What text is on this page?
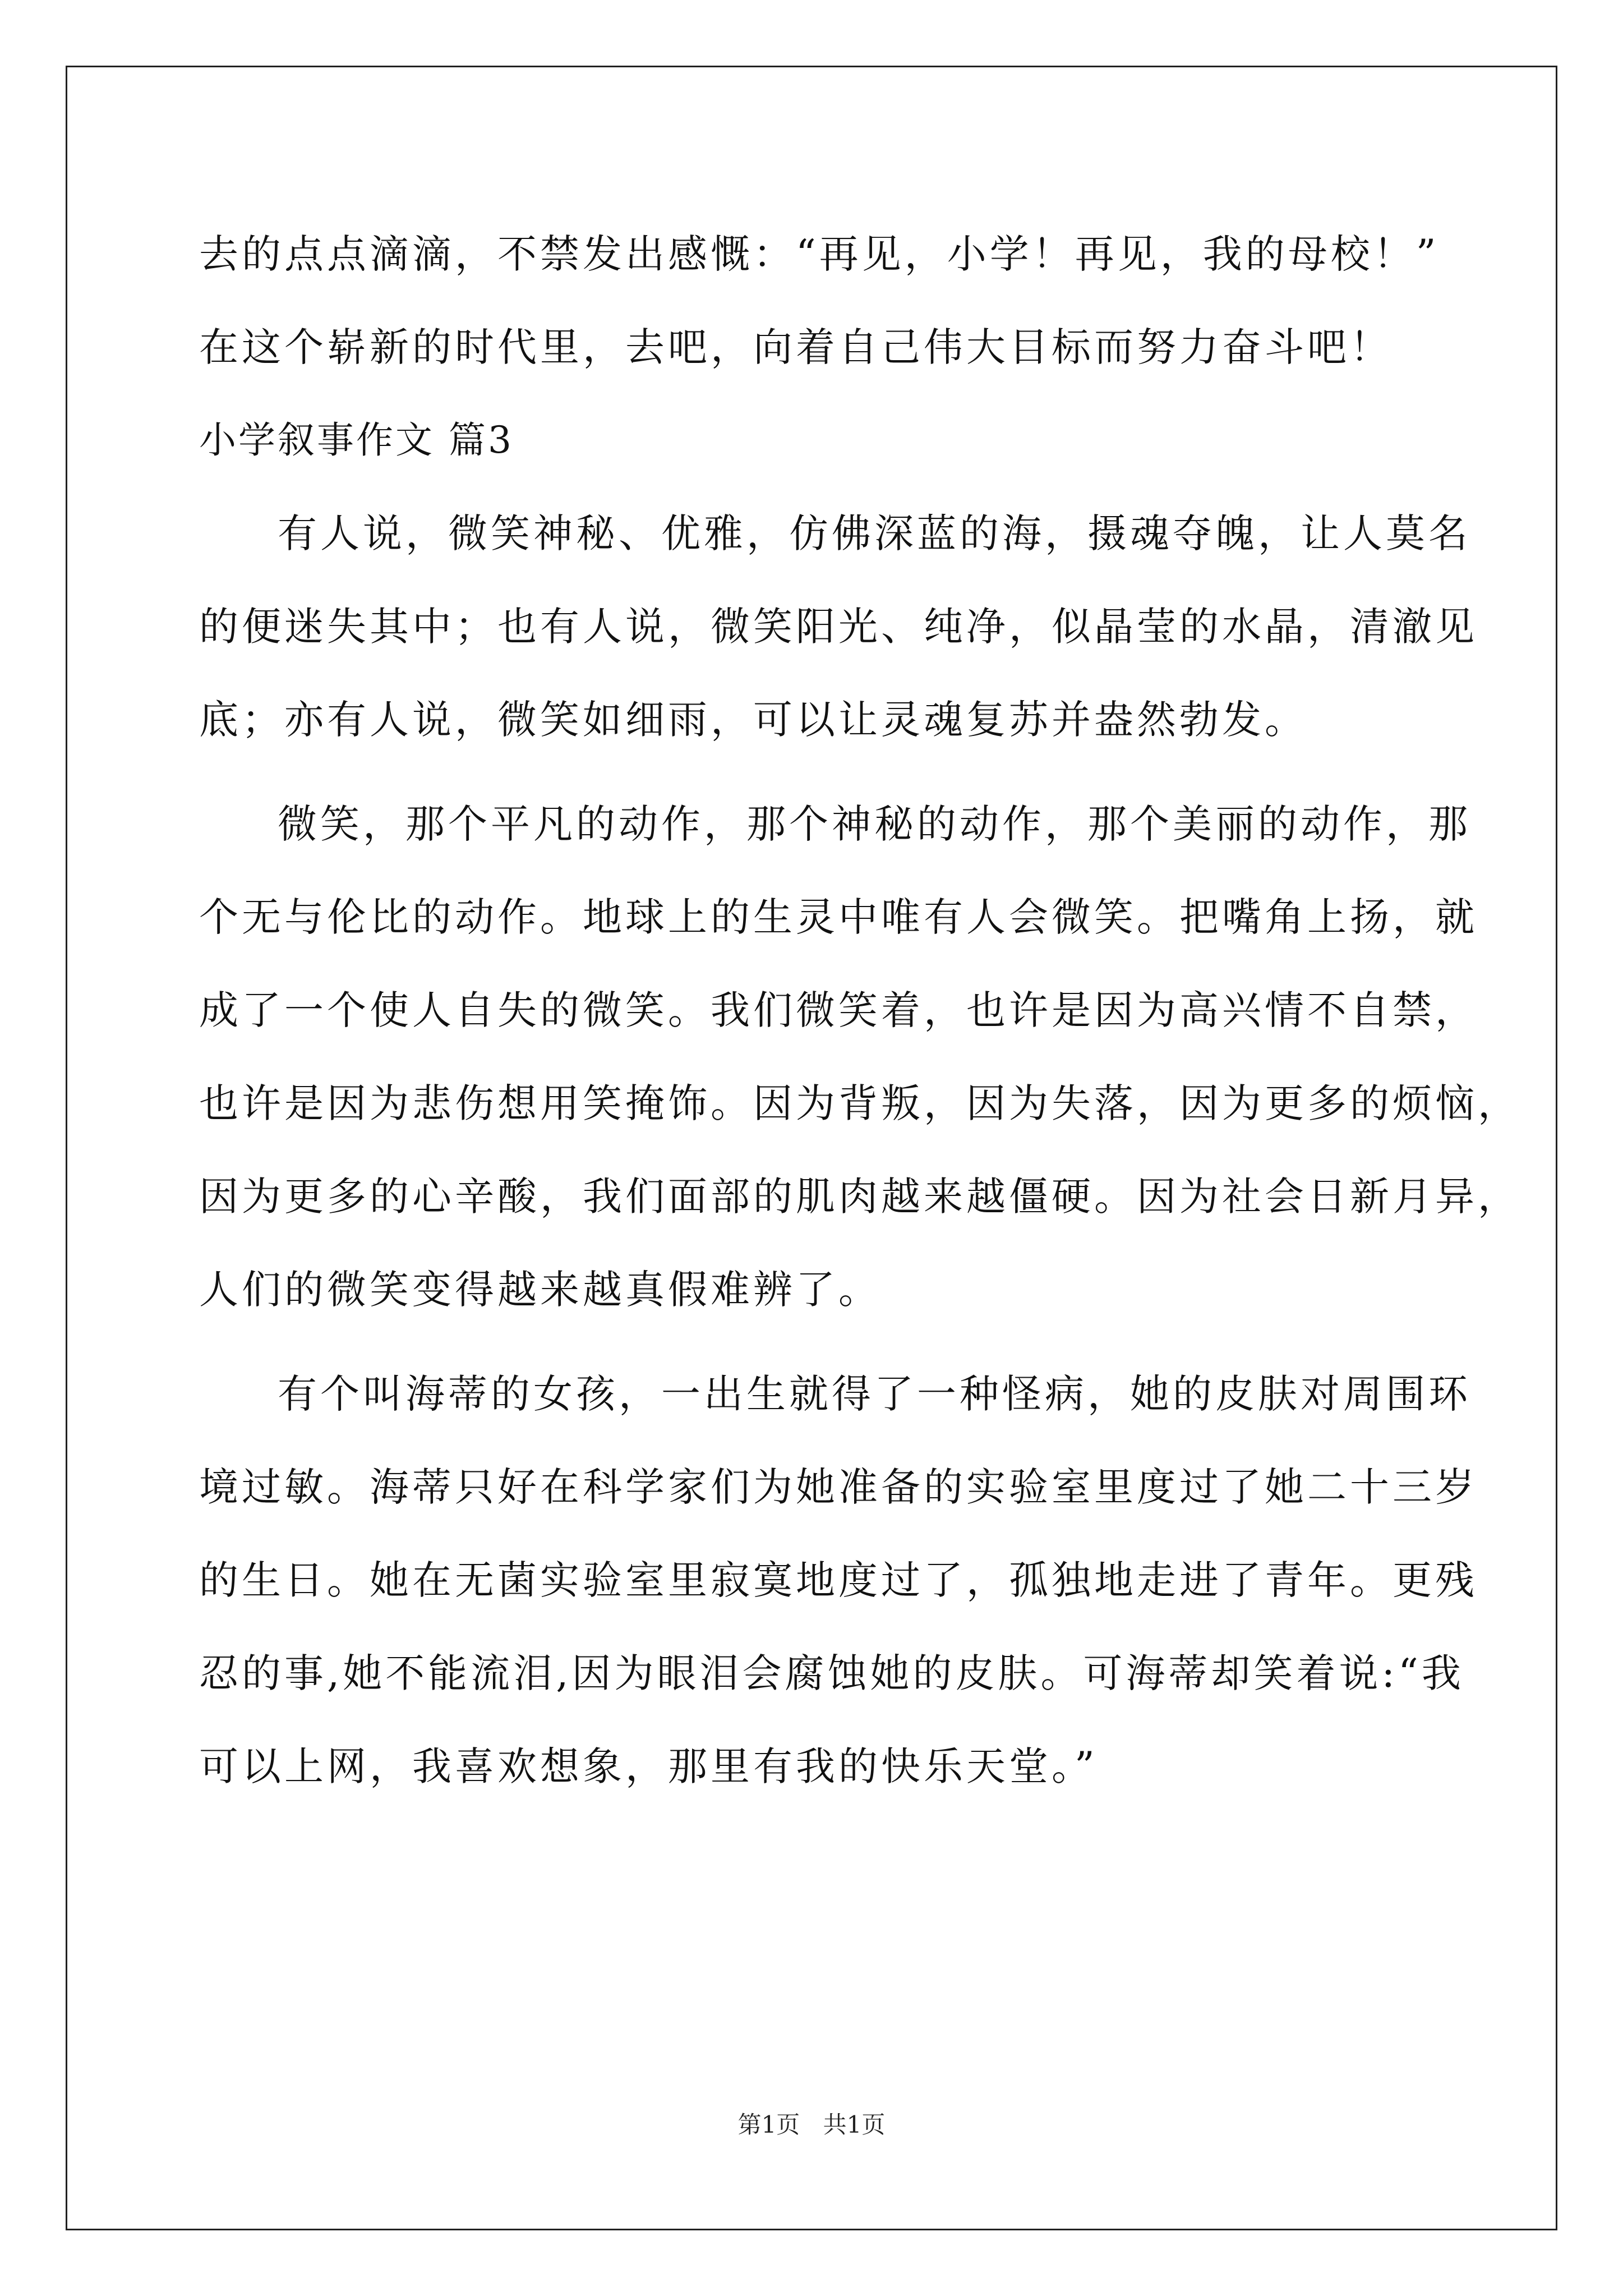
去的点点滴滴，不禁发出感慨：“再见，小学！再见，我的母校！”
在这个崭新的时代里，去吧，向着自己伟大目标而努力奋斗吧！
小学叙事作文 篇3
有人说，微笑神秘、优雅，仿佛深蓝的海，摄魂夺魄，让人莫名
的便迷失其中；也有人说，微笑阳光、纯净，似晶莹的水晶，清澈见
底；亦有人说，微笑如细雨，可以让灵魂复苏并盎然勃发。
微笑，那个平凡的动作，那个神秘的动作，那个美丽的动作，那
个无与伦比的动作。地球上的生灵中唯有人会微笑。把嘴角上扬，就
成了一个使人自失的微笑。我们微笑着，也许是因为高兴情不自禁，
也许是因为悲伤想用笑掩饰。因为背叛，因为失落，因为更多的烦恼，
因为更多的心辛酸，我们面部的肌肉越来越僵硬。因为社会日新月异，
人们的微笑变得越来越真假难辨了。
有个叫海蒂的女孩，一出生就得了一种怪病，她的皮肤对周围环
境过敏。海蒂只好在科学家们为她准备的实验室里度过了她二十三岁
的生日。她在无菌实验室里寂寞地度过了，孤独地走进了青年。更残
忍的事,她不能流泪,因为眼泪会腐蚀她的皮肤。可海蒂却笑着说:“我
可以上网，我喜欢想象，那里有我的快乐天堂。”
第1页 共1页
